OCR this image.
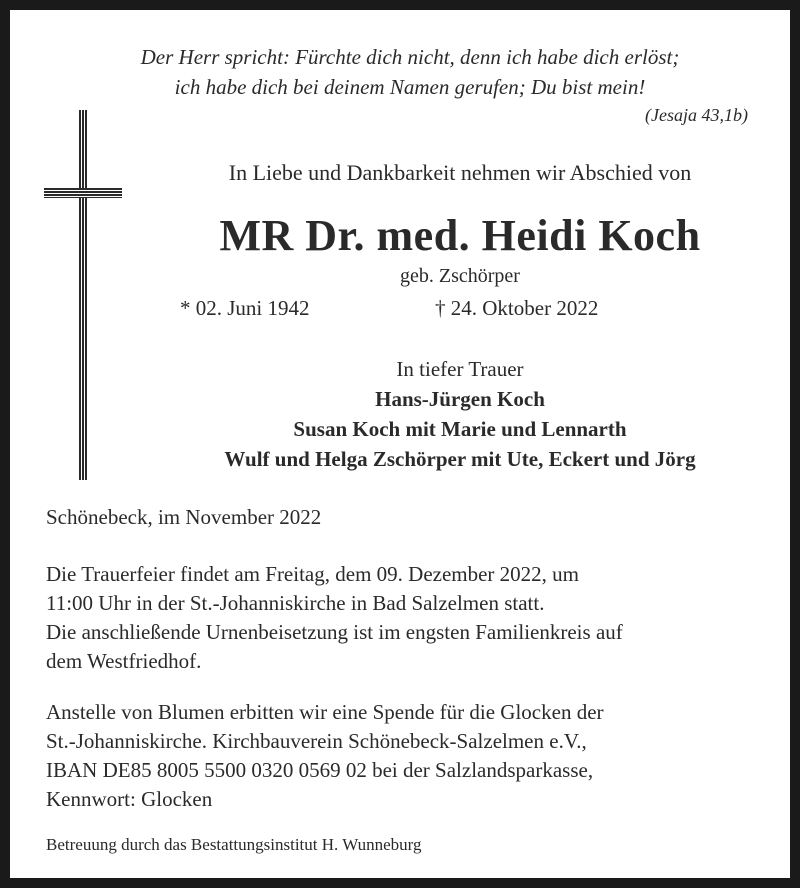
Der Herr spricht: Fürchte dich nicht, denn ich habe dich erlöst;
ich habe dich bei deinem Namen gerufen; Du bist mein!
(Jesaja 43,1b)
In Liebe und Dankbarkeit nehmen wir Abschied von
MR Dr. med. Heidi Koch
geb. Zschörper
* 02. Juni 1942	† 24. Oktober 2022
In tiefer Trauer
Hans-Jürgen Koch
Susan Koch mit Marie und Lennarth
Wulf und Helga Zschörper mit Ute, Eckert und Jörg
Schönebeck, im November 2022
Die Trauerfeier findet am Freitag, dem 09. Dezember 2022, um
11:00 Uhr in der St.-Johanniskirche in Bad Salzelmen statt.
Die anschließende Urnenbeisetzung ist im engsten Familienkreis auf
dem Westfriedhof.
Anstelle von Blumen erbitten wir eine Spende für die Glocken der
St.-Johanniskirche. Kirchbauverein Schönebeck-Salzelmen e.V.,
IBAN DE85 8005 5500 0320 0569 02 bei der Salzlandsparkasse,
Kennwort: Glocken
Betreuung durch das Bestattungsinstitut H. Wunneburg
